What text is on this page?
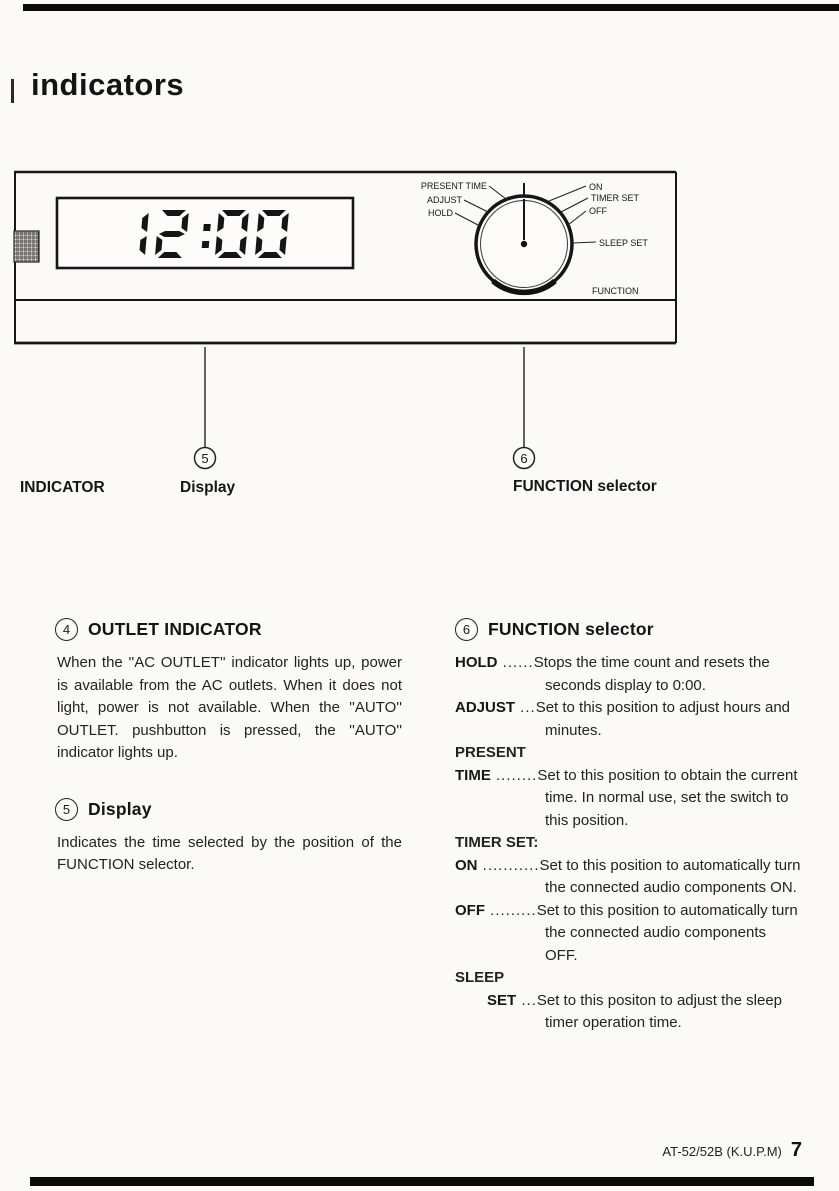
indicators
PRESENT TIME
ADJUST
HOLD
ON
TIMER SET
OFF
SLEEP SET
FUNCTION
5	6
INDICATOR	Display	FUNCTION selector
4	OUTLET INDICATOR

When the ''AC OUTLET'' indicator lights up, power is available from the AC outlets. When it does not light, power is not available. When the ''AUTO'' OUTLET. pushbutton is pressed, the ''AUTO'' indicator lights up.

5	Display

Indicates the time selected by the position of the FUNCTION selector.

6	FUNCTION selector

HOLD ......Stops the time count and resets the seconds display to 0:00.

ADJUST ...Set to this position to adjust hours and minutes.

PRESENT

TIME ........Set to this position to obtain the current time. In normal use, set the switch to this position.

TIMER SET:

ON ...........Set to this position to automatically turn the connected audio components ON.

OFF .........Set to this position to automatically turn the connected audio components OFF.

SLEEP

SET ...Set to this positon to adjust the sleep timer operation time.

AT-52/52B (K.U.P.M) 7
